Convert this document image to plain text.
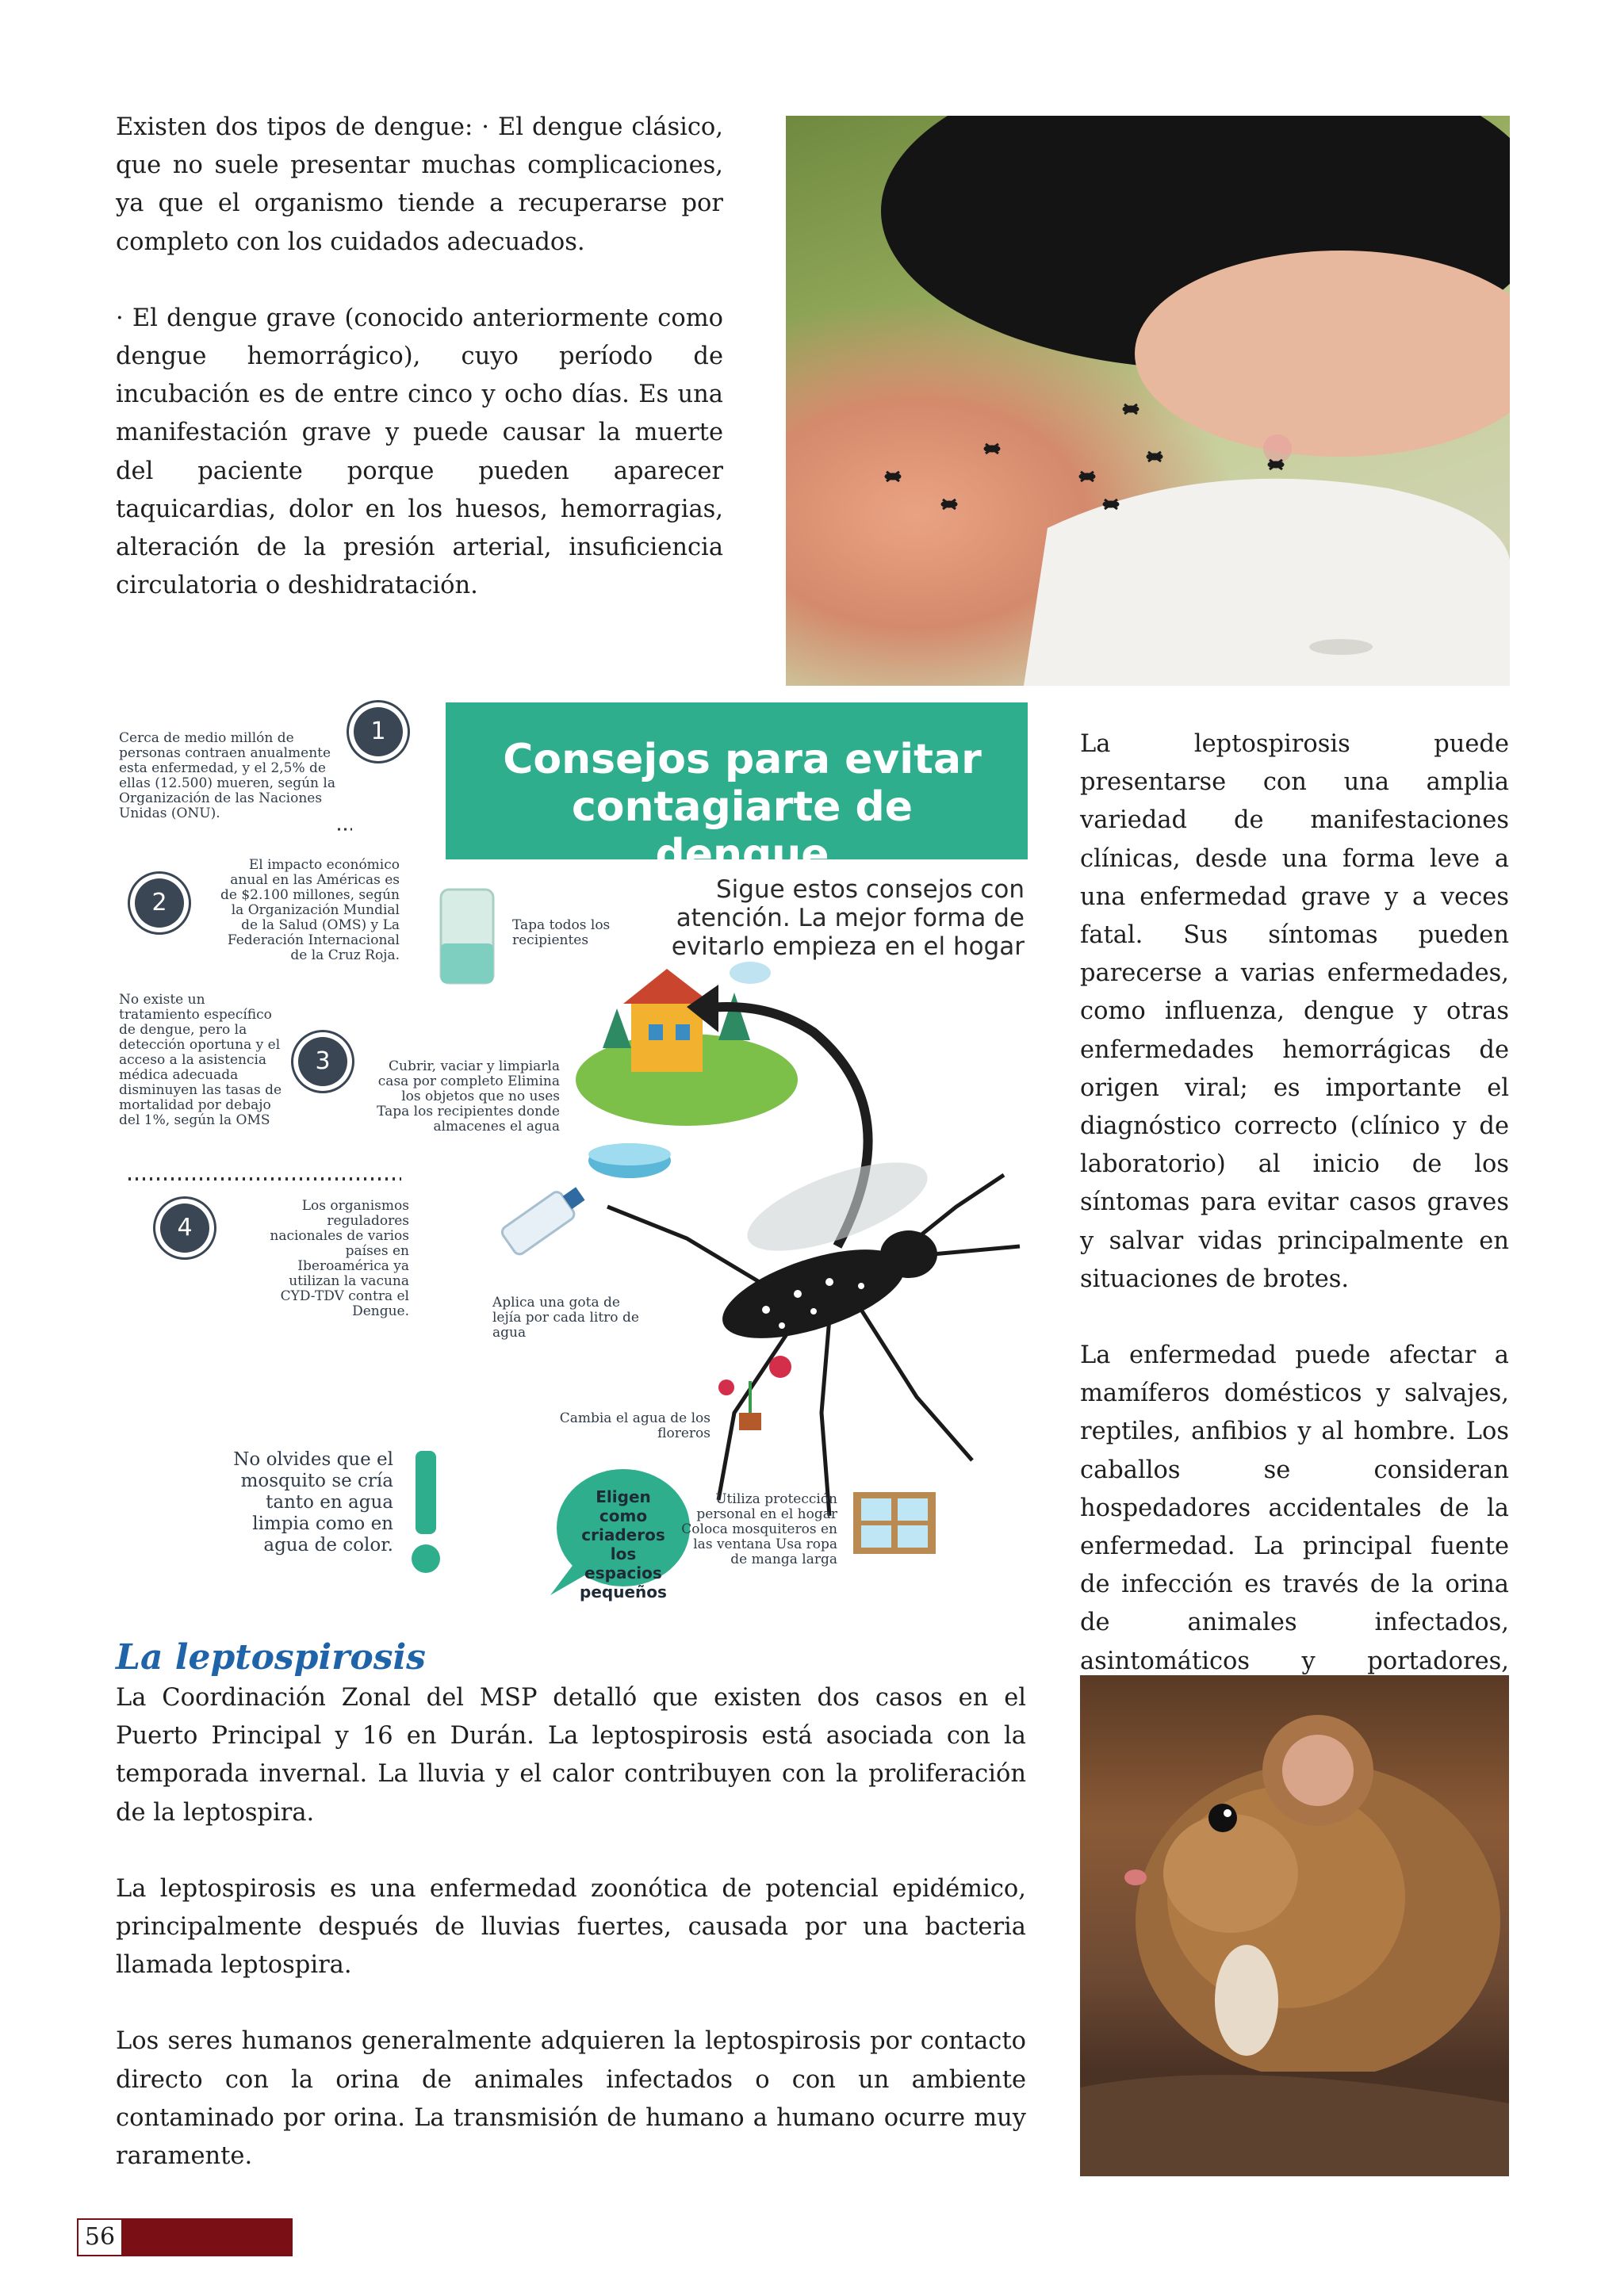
Existen dos tipos de dengue: · El dengue clásico, que no suele presentar muchas complicaciones, ya que el organismo tiende a recuperarse por completo con los cuidados adecuados.

· El dengue grave (conocido anteriormente como dengue hemorrágico), cuyo período de incubación es de entre cinco y ocho días. Es una manifestación grave y puede causar la muerte del paciente porque pueden aparecer taquicardias, dolor en los huesos, hemorragias, alteración de la presión arterial, insuficiencia circulatoria o deshidratación.

Consejos para evitar contagiarte de dengue
Sigue estos consejos con atención. La mejor forma de evitarlo empieza en el hogar
1
Cerca de medio millón de personas contraen anualmente esta enfermedad, y el 2,5% de ellas (12.500) mueren, según la Organización de las Naciones Unidas (ONU).
2
El impacto económico anual en las Américas es de $2.100 millones, según la Organización Mundial de la Salud (OMS) y La Federación Internacional de la Cruz Roja.
3
No existe un tratamiento específico de dengue, pero la detección oportuna y el acceso a la asistencia médica adecuada disminuyen las tasas de mortalidad por debajo del 1%, según la OMS
4
Los organismos reguladores nacionales de varios países en Iberoamérica ya utilizan la vacuna CYD-TDV contra el Dengue.
Tapa todos los recipientes
Cubrir, vaciar y limpiarla casa por completo Elimina los objetos que no uses Tapa los recipientes donde almacenes el agua
Aplica una gota de lejía por cada litro de agua
Cambia el agua de los floreros
Utiliza protección personal en el hogar Coloca mosquiteros en las ventana Usa ropa de manga larga
No olvides que el mosquito se cría tanto en agua limpia como en agua de color.
Eligen como criaderos los espacios pequeños

La leptospirosis puede presentarse con una amplia variedad de manifestaciones clínicas, desde una forma leve a una enfermedad grave y a veces fatal. Sus síntomas pueden parecerse a varias enfermedades, como influenza, dengue y otras enfermedades hemorrágicas de origen viral; es importante el diagnóstico correcto (clínico y de laboratorio) al inicio de los síntomas para evitar casos graves y salvar vidas principalmente en situaciones de brotes.

La enfermedad puede afectar a mamíferos domésticos y salvajes, reptiles, anfibios y al hombre. Los caballos se consideran hospedadores accidentales de la enfermedad. La principal fuente de infección es través de la orina de animales infectados, asintomáticos y portadores,

La leptospirosis

La Coordinación Zonal del MSP detalló que existen dos casos en el Puerto Principal y 16 en Durán. La leptospirosis está asociada con la temporada invernal. La lluvia y el calor contribuyen con la proliferación de la leptospira.

La leptospirosis es una enfermedad zoonótica de potencial epidémico, principalmente después de lluvias fuertes, causada por una bacteria llamada leptospira.

Los seres humanos generalmente adquieren la leptospirosis por contacto directo con la orina de animales infectados o con un ambiente contaminado por orina. La transmisión de humano a humano ocurre muy raramente.

56
